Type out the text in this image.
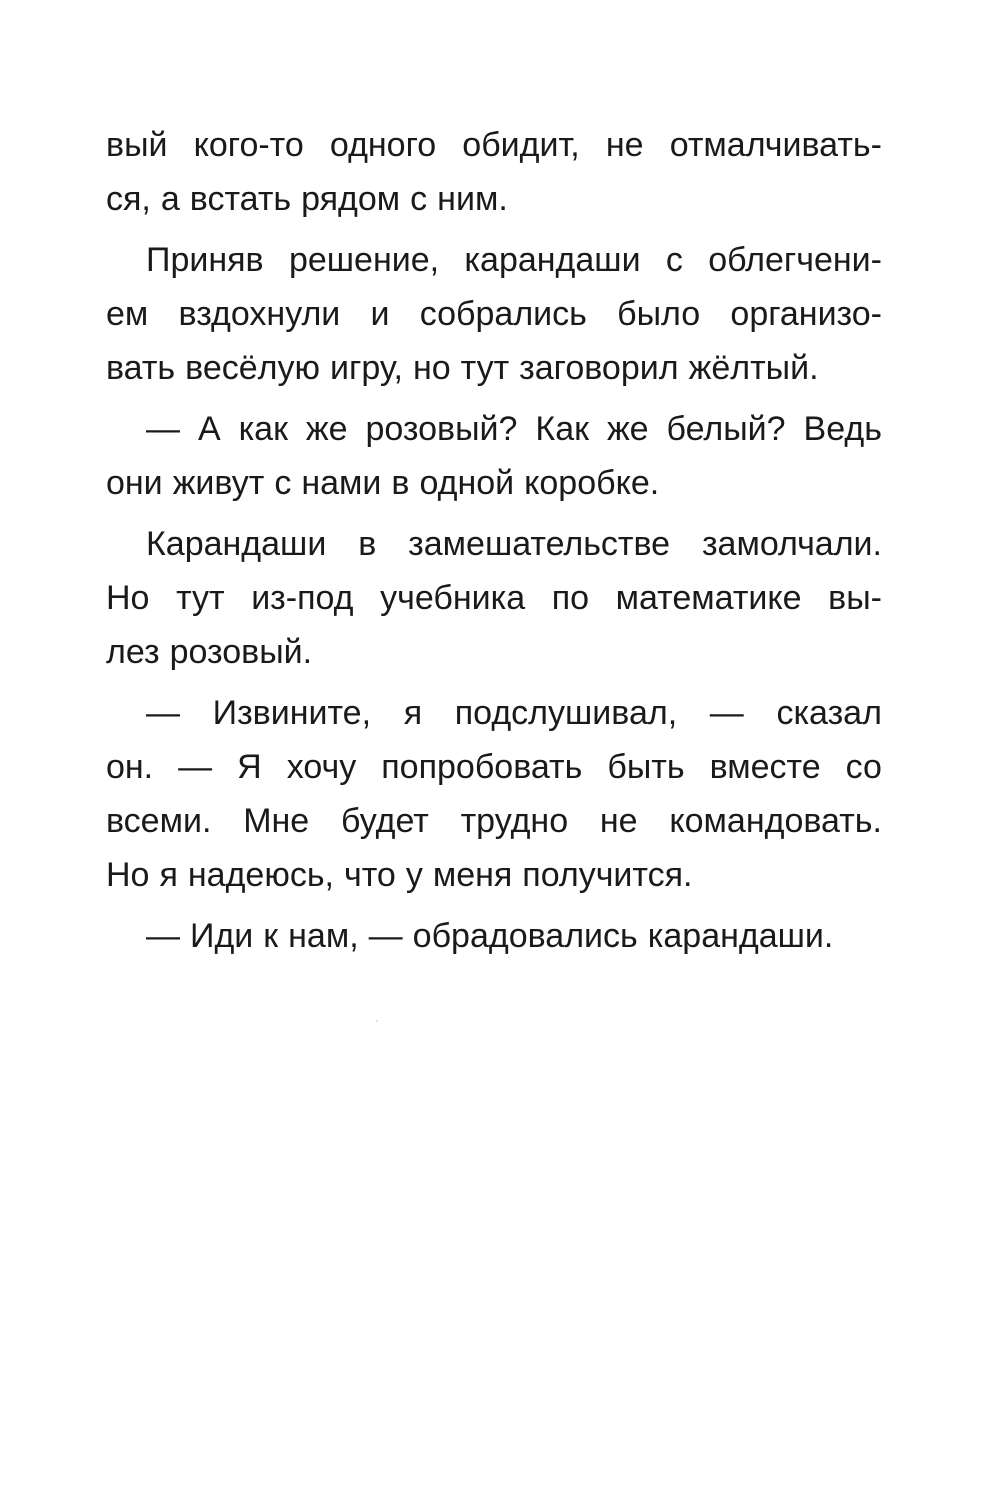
вый кого-то одного обидит, не отмалчивать-
ся, а встать рядом с ним.
Приняв решение, карандаши с облегчени-
ем вздохнули и собрались было организо-
вать весёлую игру, но тут заговорил жёлтый.
— А как же розовый? Как же белый? Ведь
они живут с нами в одной коробке.
Карандаши в замешательстве замолчали.
Но тут из-под учебника по математике вы-
лез розовый.
— Извините, я подслушивал, — сказал
он. — Я хочу попробовать быть вместе со
всеми. Мне будет трудно не командовать.
Но я надеюсь, что у меня получится.
— Иди к нам, — обрадовались карандаши.
